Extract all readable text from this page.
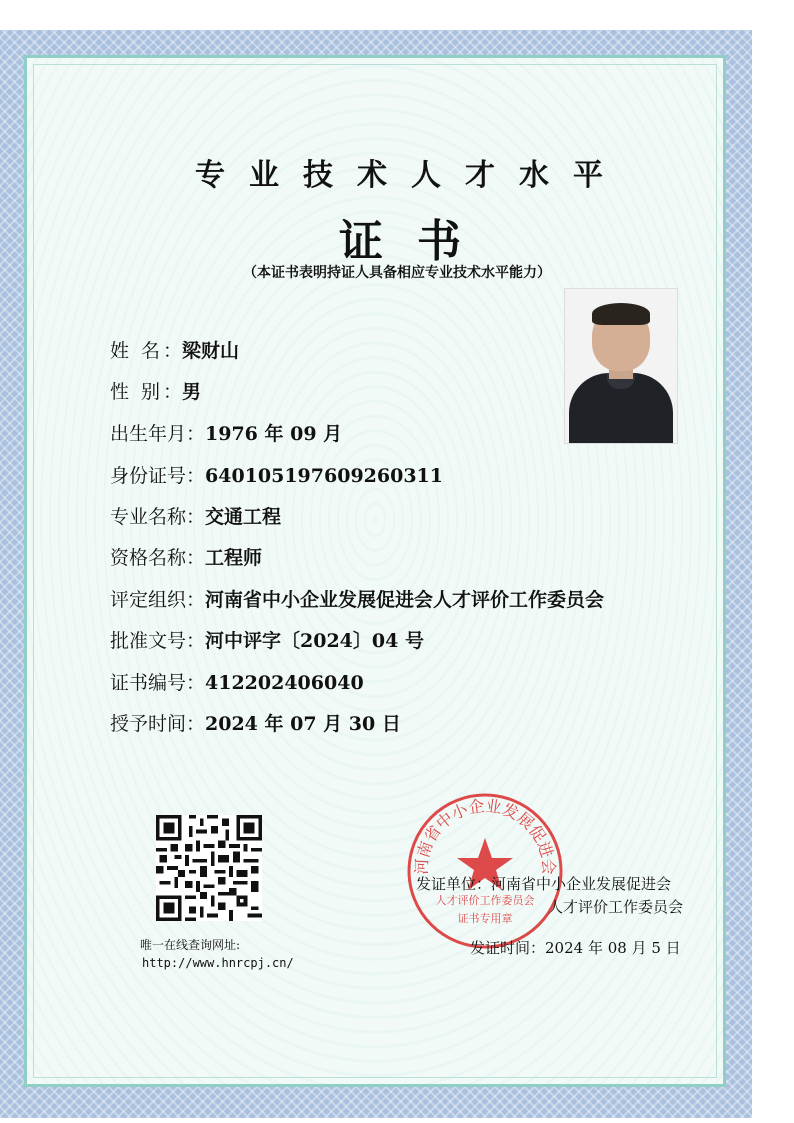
专业技术人才水平
证书
（本证书表明持证人具备相应专业技术水平能力）
姓 名：梁财山
性 别：男
出生年月：1976 年 09 月
身份证号：640105197609260311
专业名称：交通工程
资格名称：工程师
评定组织：河南省中小企业发展促进会人才评价工作委员会
批准文号：河中评字〔2024〕04 号
证书编号：412202406040
授予时间：2024 年 07 月 30 日
唯一在线查询网址:
http://www.hnrcpj.cn/
河南省中小企业发展促进会
人才评价工作委员会
证书专用章
发证单位：河南省中小企业发展促进会
人才评价工作委员会
发证时间：2024 年 08 月 5 日
